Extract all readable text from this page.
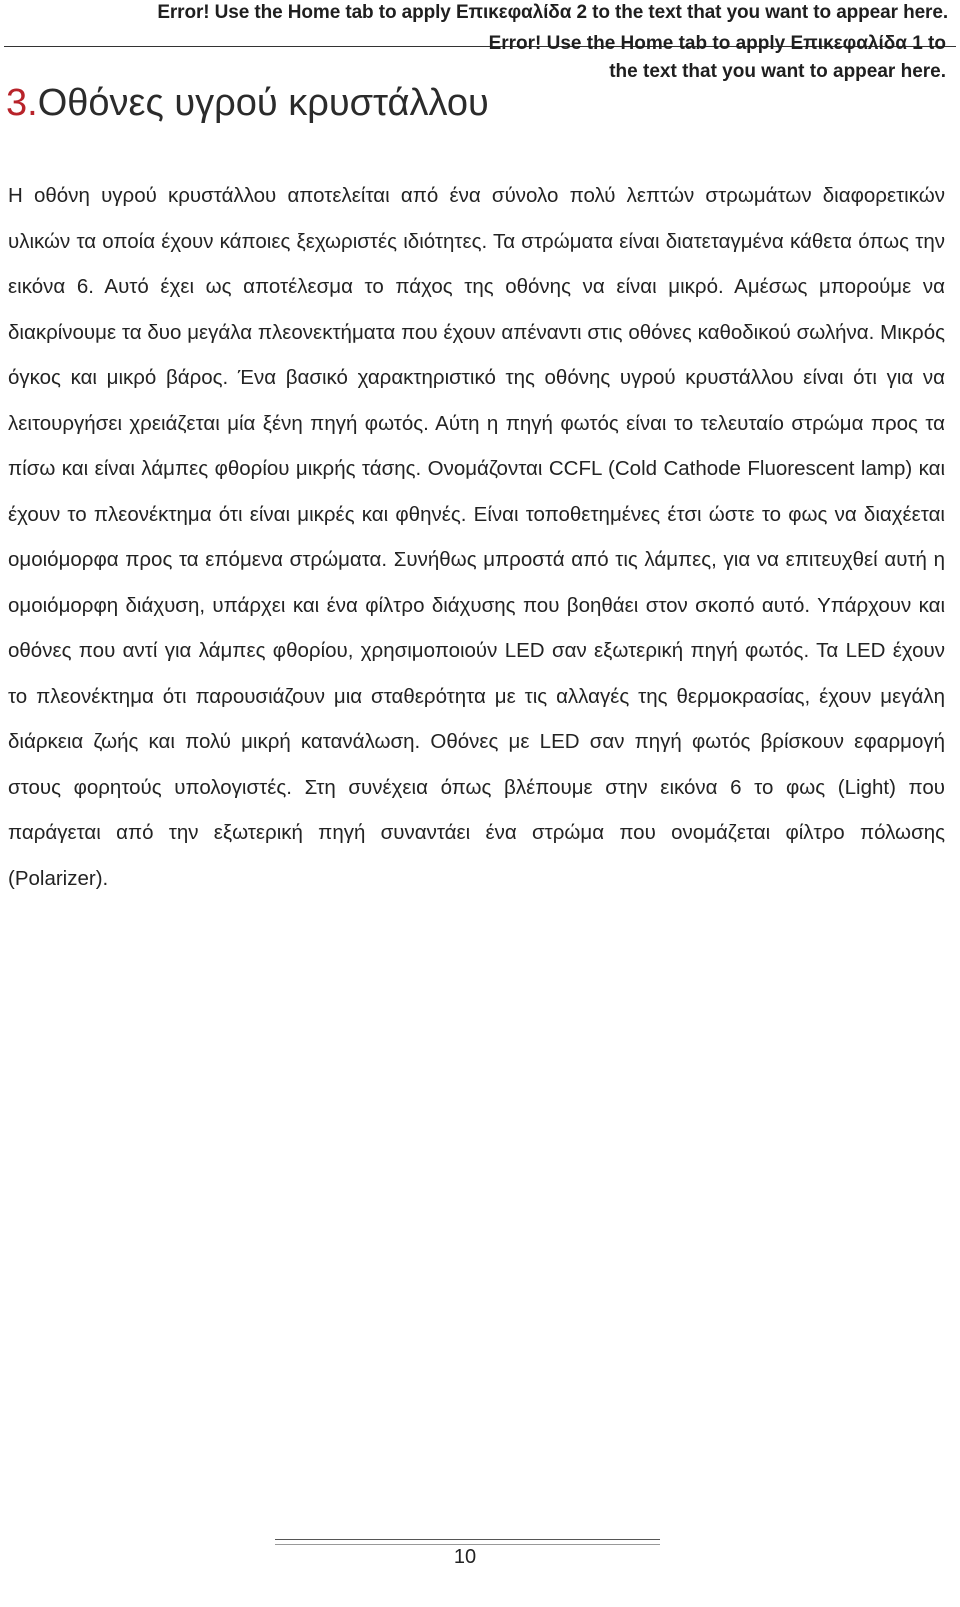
Error! Use the Home tab to apply Επικεφαλίδα 2 to the text that you want to appear here.
Error! Use the Home tab to apply Επικεφαλίδα 1 to the text that you want to appear here.
3.Οθόνες υγρού κρυστάλλου

Η οθόνη υγρού κρυστάλλου αποτελείται από ένα σύνολο πολύ λεπτών στρωμάτων διαφορετικών υλικών τα οποία έχουν κάποιες ξεχωριστές ιδιότητες. Τα στρώματα είναι διατεταγμένα κάθετα όπως την εικόνα 6. Αυτό έχει ως αποτέλεσμα το πάχος της οθόνης να είναι μικρό. Αμέσως μπορούμε να διακρίνουμε τα δυο μεγάλα πλεονεκτήματα που έχουν απέναντι στις οθόνες καθοδικού σωλήνα. Μικρός όγκος και μικρό βάρος. Ένα βασικό χαρακτηριστικό της οθόνης υγρού κρυστάλλου είναι ότι για να λειτουργήσει χρειάζεται μία ξένη πηγή φωτός. Αύτη η πηγή φωτός είναι το τελευταίο στρώμα προς τα πίσω και είναι λάμπες φθορίου μικρής τάσης. Ονομάζονται CCFL (Cold Cathode Fluorescent lamp) και έχουν το πλεονέκτημα ότι είναι μικρές και φθηνές. Είναι τοποθετημένες έτσι ώστε το φως να διαχέεται ομοιόμορφα προς τα επόμενα στρώματα. Συνήθως μπροστά από τις λάμπες, για να επιτευχθεί αυτή η ομοιόμορφη διάχυση, υπάρχει και ένα φίλτρο διάχυσης που βοηθάει στον σκοπό αυτό. Υπάρχουν και οθόνες που αντί για λάμπες φθορίου, χρησιμοποιούν LED σαν εξωτερική πηγή φωτός. Τα LED έχουν το πλεονέκτημα ότι παρουσιάζουν μια σταθερότητα με τις αλλαγές της θερμοκρασίας, έχουν μεγάλη διάρκεια ζωής και πολύ μικρή κατανάλωση. Οθόνες με LED σαν πηγή φωτός βρίσκουν εφαρμογή στους φορητούς υπολογιστές. Στη συνέχεια όπως βλέπουμε στην εικόνα 6 το φως (Light) που παράγεται από την εξωτερική πηγή συναντάει ένα στρώμα που ονομάζεται φίλτρο πόλωσης (Polarizer).

10
